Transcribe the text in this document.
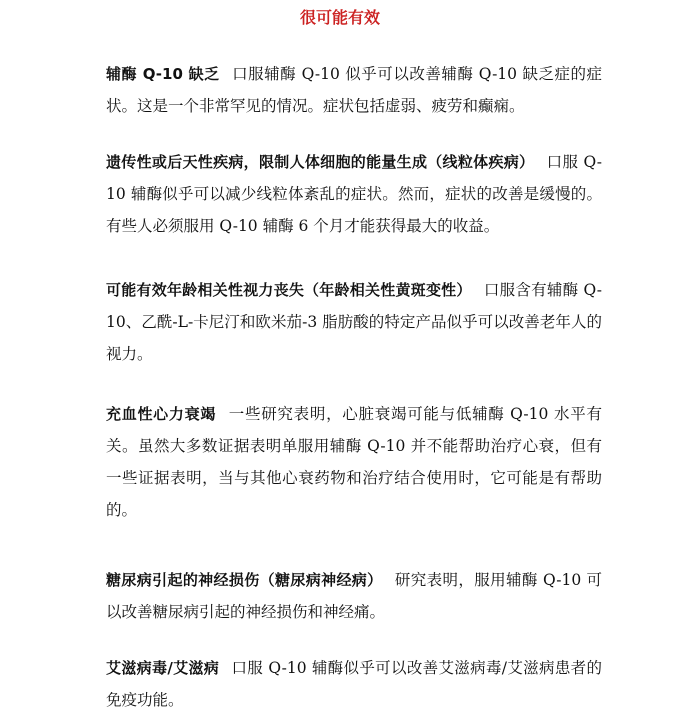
很可能有效
辅酶 Q-10 缺乏 口服辅酶 Q-10 似乎可以改善辅酶 Q-10 缺乏症的症状。这是一个非常罕见的情况。症状包括虚弱、疲劳和癫痫。
遗传性或后天性疾病，限制人体细胞的能量生成（线粒体疾病） 口服 Q-10 辅酶似乎可以减少线粒体紊乱的症状。然而，症状的改善是缓慢的。有些人必须服用 Q-10 辅酶 6 个月才能获得最大的收益。
可能有效年龄相关性视力丧失（年龄相关性黄斑变性） 口服含有辅酶 Q-10、乙酰-L-卡尼汀和欧米茄-3 脂肪酸的特定产品似乎可以改善老年人的视力。
充血性心力衰竭 一些研究表明，心脏衰竭可能与低辅酶 Q-10 水平有关。虽然大多数证据表明单服用辅酶 Q-10 并不能帮助治疗心衰，但有一些证据表明，当与其他心衰药物和治疗结合使用时，它可能是有帮助的。
糖尿病引起的神经损伤（糖尿病神经病） 研究表明，服用辅酶 Q-10 可以改善糖尿病引起的神经损伤和神经痛。
艾滋病毒/艾滋病 口服 Q-10 辅酶似乎可以改善艾滋病毒/艾滋病患者的免疫功能。
